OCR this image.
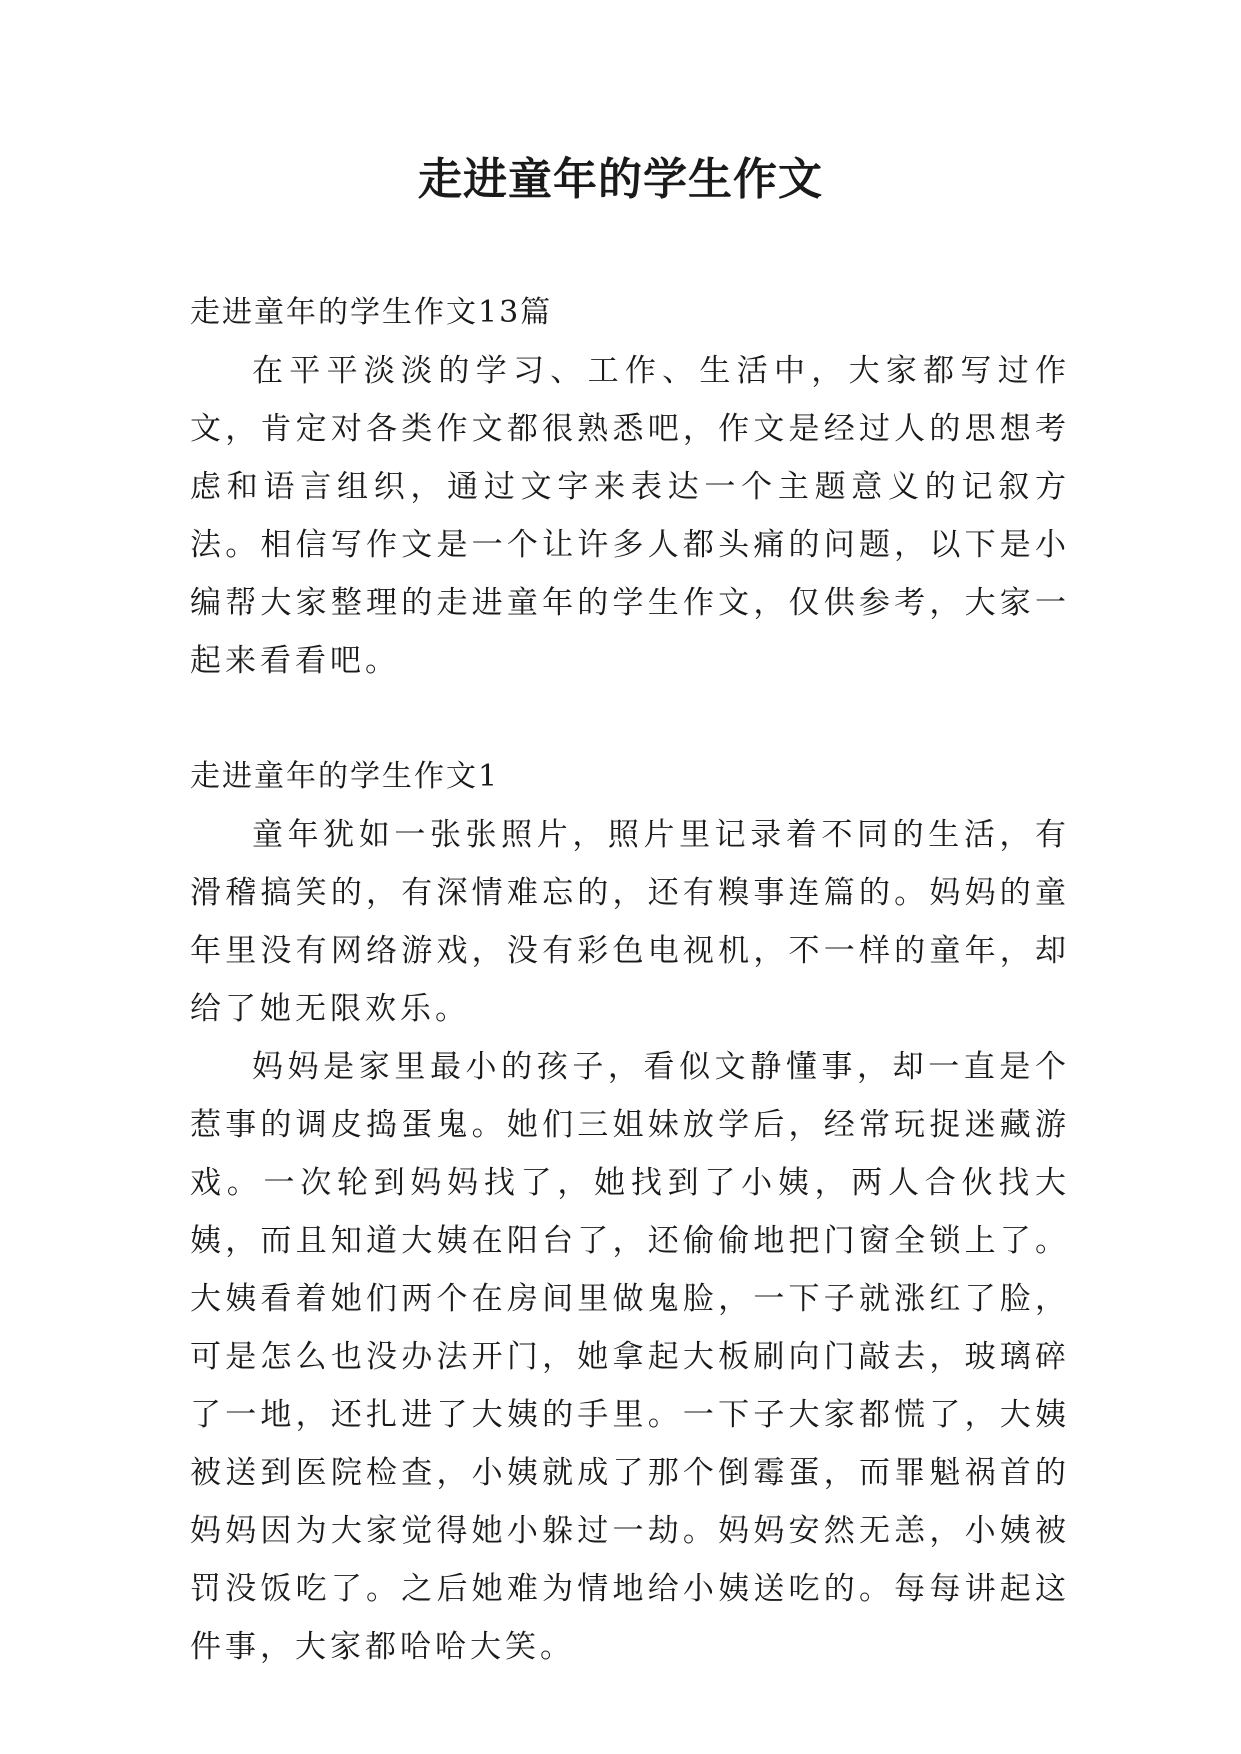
走进童年的学生作文

走进童年的学生作文13篇

在平平淡淡的学习、工作、生活中，大家都写过作文，肯定对各类作文都很熟悉吧，作文是经过人的思想考虑和语言组织，通过文字来表达一个主题意义的记叙方法。相信写作文是一个让许多人都头痛的问题，以下是小编帮大家整理的走进童年的学生作文，仅供参考，大家一起来看看吧。

走进童年的学生作文1

童年犹如一张张照片，照片里记录着不同的生活，有滑稽搞笑的，有深情难忘的，还有糗事连篇的。妈妈的童年里没有网络游戏，没有彩色电视机，不一样的童年，却给了她无限欢乐。

妈妈是家里最小的孩子，看似文静懂事，却一直是个惹事的调皮捣蛋鬼。她们三姐妹放学后，经常玩捉迷藏游戏。一次轮到妈妈找了，她找到了小姨，两人合伙找大姨，而且知道大姨在阳台了，还偷偷地把门窗全锁上了。大姨看着她们两个在房间里做鬼脸，一下子就涨红了脸，可是怎么也没办法开门，她拿起大板刷向门敲去，玻璃碎了一地，还扎进了大姨的手里。一下子大家都慌了，大姨被送到医院检查，小姨就成了那个倒霉蛋，而罪魁祸首的妈妈因为大家觉得她小躲过一劫。妈妈安然无恙，小姨被罚没饭吃了。之后她难为情地给小姨送吃的。每每讲起这件事，大家都哈哈大笑。
